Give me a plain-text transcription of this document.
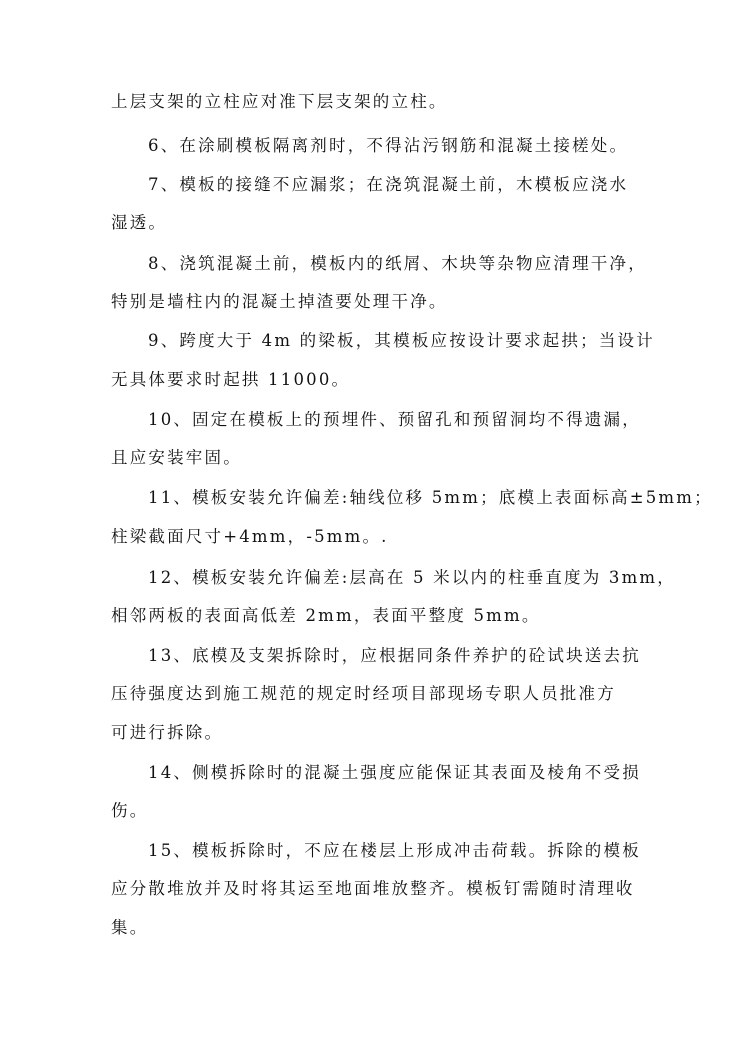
上层支架的立柱应对准下层支架的立柱。
6、在涂刷模板隔离剂时，不得沾污钢筋和混凝土接槎处。
7、模板的接缝不应漏浆；在浇筑混凝土前，木模板应浇水
湿透。
8、浇筑混凝土前，模板内的纸屑、木块等杂物应清理干净，
特别是墙柱内的混凝土掉渣要处理干净。
9、跨度大于 4m 的梁板，其模板应按设计要求起拱；当设计
无具体要求时起拱 11000。
10、固定在模板上的预埋件、预留孔和预留洞均不得遗漏，
且应安装牢固。
11、模板安装允许偏差:轴线位移 5mm；底模上表面标高±5mm；
柱梁截面尺寸+4mm，-5mm。.
12、模板安装允许偏差:层高在 5 米以内的柱垂直度为 3mm，
相邻两板的表面高低差 2mm，表面平整度 5mm。
13、底模及支架拆除时，应根据同条件养护的砼试块送去抗
压待强度达到施工规范的规定时经项目部现场专职人员批准方
可进行拆除。
14、侧模拆除时的混凝土强度应能保证其表面及棱角不受损
伤。
15、模板拆除时，不应在楼层上形成冲击荷载。拆除的模板
应分散堆放并及时将其运至地面堆放整齐。模板钉需随时清理收
集。
